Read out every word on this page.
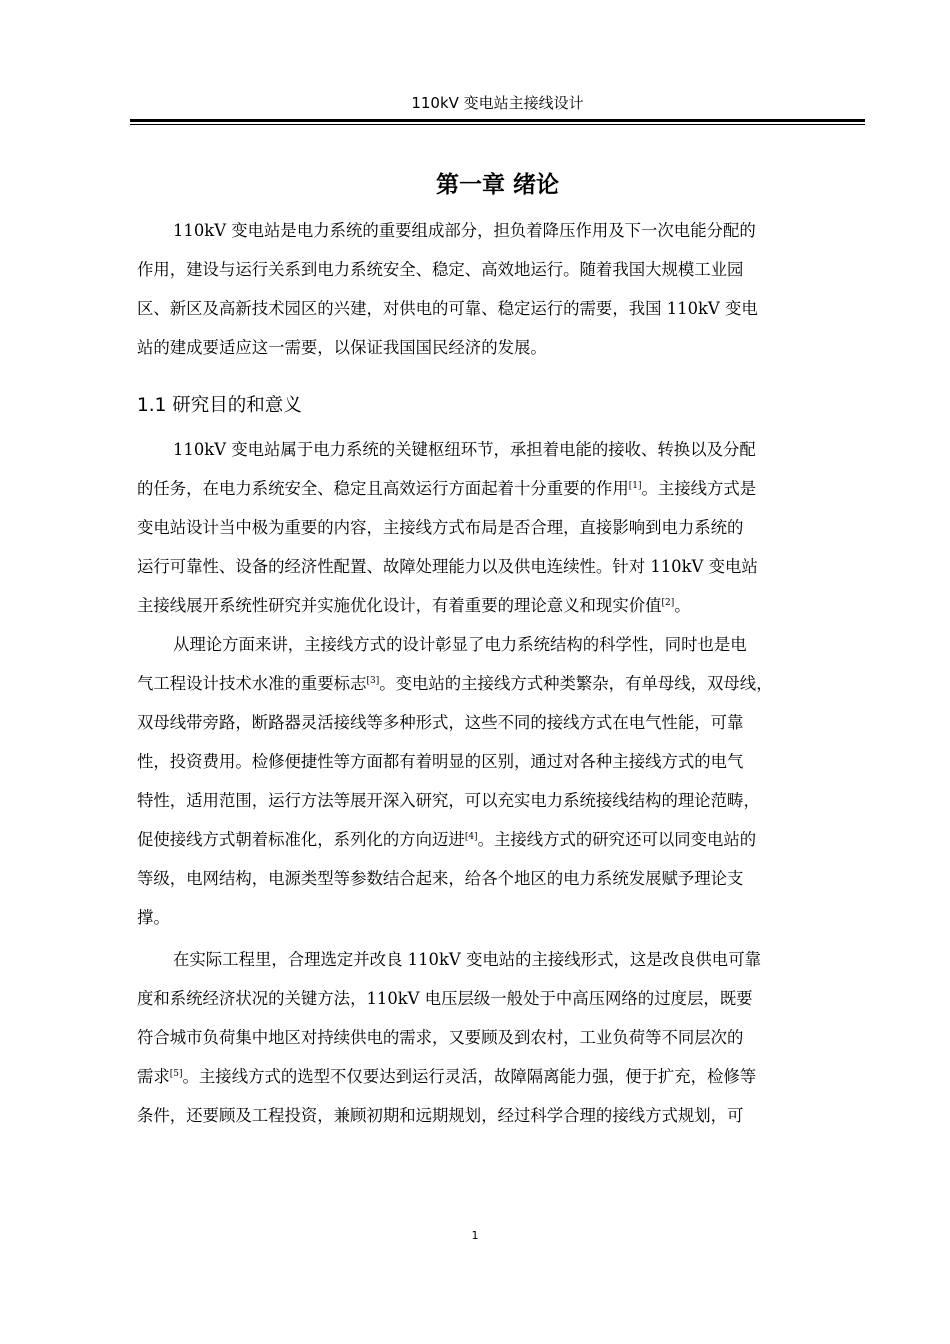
110kV 变电站主接线设计
第一章 绪论
110kV 变电站是电力系统的重要组成部分，担负着降压作用及下一次电能分配的
作用，建设与运行关系到电力系统安全、稳定、高效地运行。随着我国大规模工业园
区、新区及高新技术园区的兴建，对供电的可靠、稳定运行的需要，我国 110kV 变电
站的建成要适应这一需要，以保证我国国民经济的发展。
1.1 研究目的和意义
110kV 变电站属于电力系统的关键枢纽环节，承担着电能的接收、转换以及分配
的任务，在电力系统安全、稳定且高效运行方面起着十分重要的作用[1]。主接线方式是
变电站设计当中极为重要的内容，主接线方式布局是否合理，直接影响到电力系统的
运行可靠性、设备的经济性配置、故障处理能力以及供电连续性。针对 110kV 变电站
主接线展开系统性研究并实施优化设计，有着重要的理论意义和现实价值[2]。
从理论方面来讲，主接线方式的设计彰显了电力系统结构的科学性，同时也是电
气工程设计技术水准的重要标志[3]。变电站的主接线方式种类繁杂，有单母线，双母线，
双母线带旁路，断路器灵活接线等多种形式，这些不同的接线方式在电气性能，可靠
性，投资费用。检修便捷性等方面都有着明显的区别，通过对各种主接线方式的电气
特性，适用范围，运行方法等展开深入研究，可以充实电力系统接线结构的理论范畴，
促使接线方式朝着标准化，系列化的方向迈进[4]。主接线方式的研究还可以同变电站的
等级，电网结构，电源类型等参数结合起来，给各个地区的电力系统发展赋予理论支
撑。
在实际工程里，合理选定并改良 110kV 变电站的主接线形式，这是改良供电可靠
度和系统经济状况的关键方法，110kV 电压层级一般处于中高压网络的过度层，既要
符合城市负荷集中地区对持续供电的需求，又要顾及到农村，工业负荷等不同层次的
需求[5]。主接线方式的选型不仅要达到运行灵活，故障隔离能力强，便于扩充，检修等
条件，还要顾及工程投资，兼顾初期和远期规划，经过科学合理的接线方式规划，可
1
